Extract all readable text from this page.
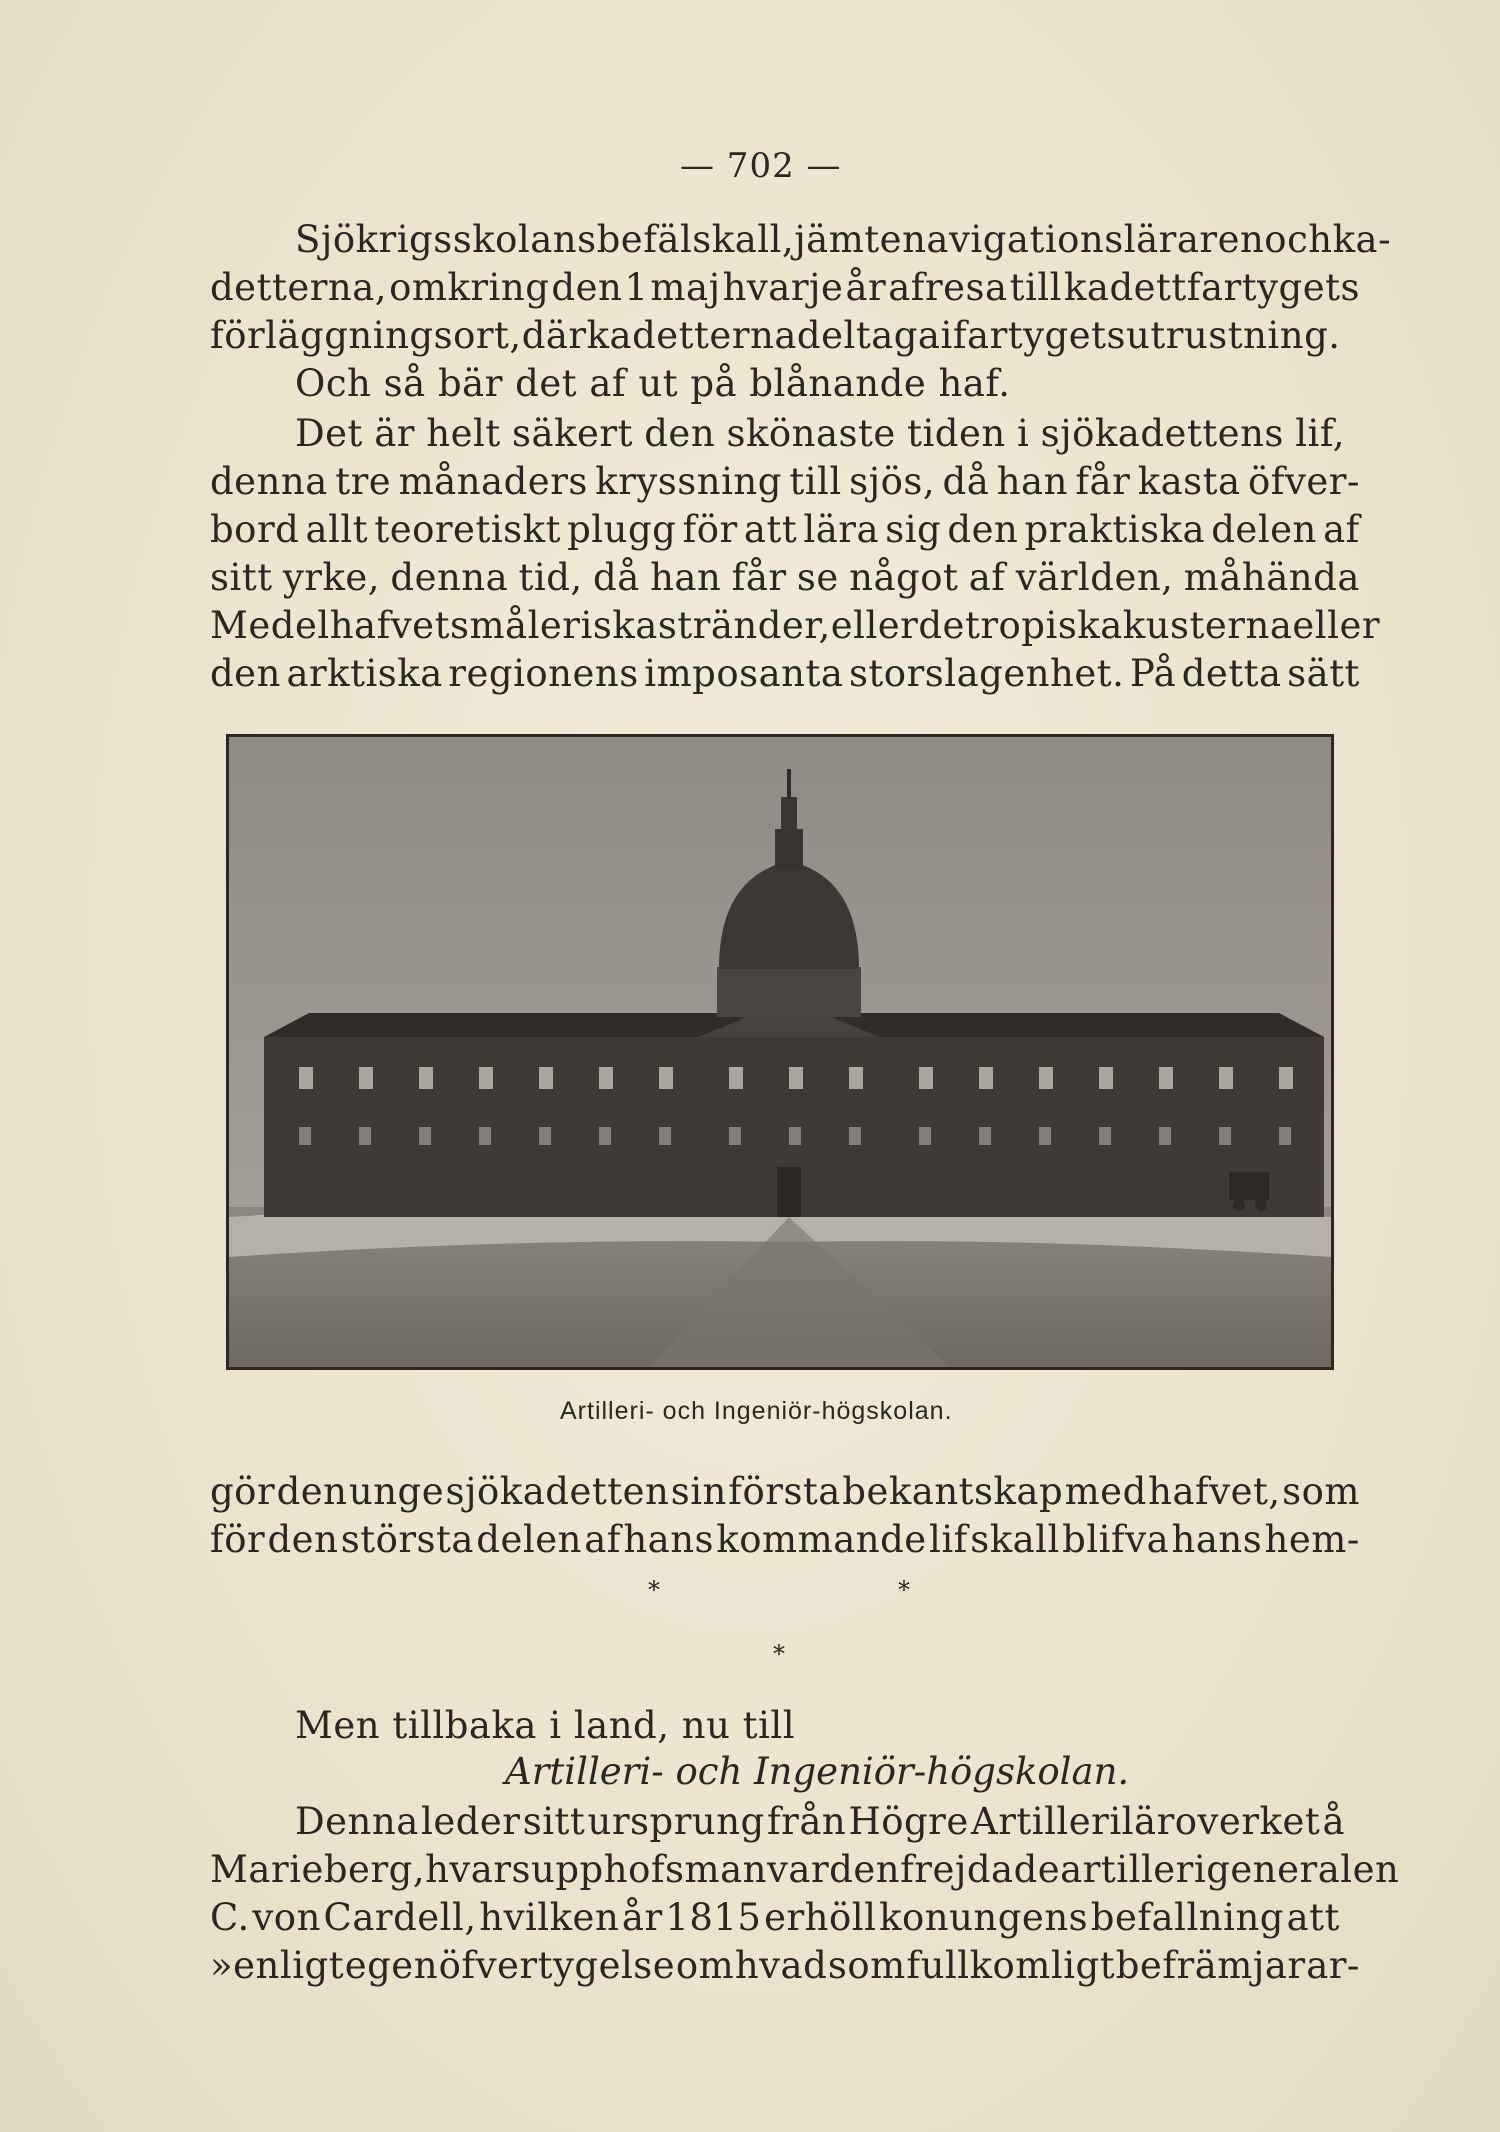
— 702 —
Sjökrigsskolans befäl skall, jämte navigationsläraren och ka-
detterna, omkring den 1 maj hvarje år afresa till kadettfartygets
förläggningsort, där kadetterna deltaga i fartygets utrustning.
Och så bär det af ut på blånande haf.
Det är helt säkert den skönaste tiden i sjökadettens lif,
denna tre månaders kryssning till sjös, då han får kasta öfver-
bord allt teoretiskt plugg för att lära sig den praktiska delen af
sitt yrke, denna tid, då han får se något af världen, måhända
Medelhafvets måleriska stränder, eller de tropiska kusterna eller
den arktiska regionens imposanta storslagenhet. På detta sätt
Artilleri- och Ingeniör-högskolan.
gör den unge sjökadetten sin första bekantskap med hafvet, som
för den största delen af hans kommande lif skall blifva hans hem-
*	*
*
Men tillbaka i land, nu till
Artilleri- och Ingeniör-högskolan.
Denna leder sitt ursprung från Högre Artilleriläroverket å
Marieberg, hvars upphofsman var den frejdade artillerigeneralen
C. von Cardell, hvilken år 1815 erhöll konungens befallning att
»enligt egen öfvertygelse om hvad som fullkomligt befrämjar ar-
